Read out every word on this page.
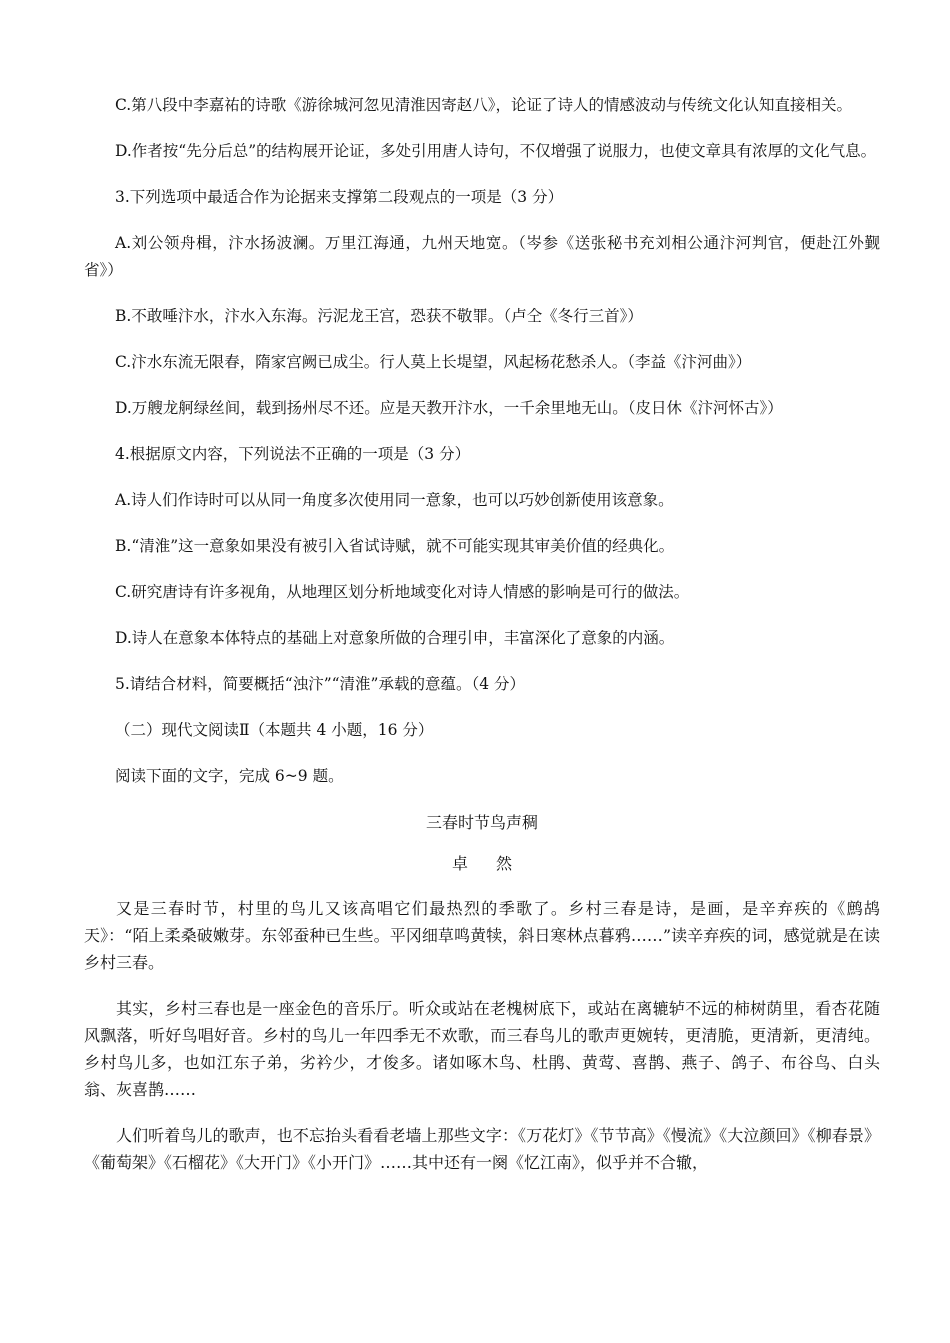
C.第八段中李嘉祐的诗歌《游徐城河忽见清淮因寄赵八》，论证了诗人的情感波动与传统文化认知直接相关。

D.作者按“先分后总”的结构展开论证，多处引用唐人诗句，不仅增强了说服力，也使文章具有浓厚的文化气息。

3.下列选项中最适合作为论据来支撑第二段观点的一项是（3 分）

A.刘公领舟楫，汴水扬波澜。万里江海通，九州天地宽。（岑参《送张秘书充刘相公通汴河判官，便赴江外觐省》）

B.不敢唾汴水，汴水入东海。污泥龙王宫，恐获不敬罪。（卢仝《冬行三首》）

C.汴水东流无限春，隋家宫阙已成尘。行人莫上长堤望，风起杨花愁杀人。（李益《汴河曲》）

D.万艘龙舸绿丝间，载到扬州尽不还。应是天教开汴水，一千余里地无山。（皮日休《汴河怀古》）

4.根据原文内容，下列说法不正确的一项是（3 分）

A.诗人们作诗时可以从同一角度多次使用同一意象，也可以巧妙创新使用该意象。

B.“清淮”这一意象如果没有被引入省试诗赋，就不可能实现其审美价值的经典化。

C.研究唐诗有许多视角，从地理区划分析地域变化对诗人情感的影响是可行的做法。

D.诗人在意象本体特点的基础上对意象所做的合理引申，丰富深化了意象的内涵。

5.请结合材料，简要概括“浊汴”“清淮”承载的意蕴。（4 分）

（二）现代文阅读Ⅱ（本题共 4 小题，16 分）

阅读下面的文字，完成 6~9 题。

三春时节鸟声稠
卓然

又是三春时节，村里的鸟儿又该高唱它们最热烈的季歌了。乡村三春是诗，是画，是辛弃疾的《鹧鸪天》：“陌上柔桑破嫩芽。东邻蚕种已生些。平冈细草鸣黄犊，斜日寒林点暮鸦……”读辛弃疾的词，感觉就是在读乡村三春。

其实，乡村三春也是一座金色的音乐厅。听众或站在老槐树底下，或站在离辘轳不远的柿树荫里，看杏花随风飘落，听好鸟唱好音。乡村的鸟儿一年四季无不欢歌，而三春鸟儿的歌声更婉转，更清脆，更清新，更清纯。乡村鸟儿多，也如江东子弟，劣衿少，才俊多。诸如啄木鸟、杜鹃、黄莺、喜鹊、燕子、鸽子、布谷鸟、白头翁、灰喜鹊……

人们听着鸟儿的歌声，也不忘抬头看看老墙上那些文字：《万花灯》《节节高》《慢流》《大泣颜回》《柳春景》《葡萄架》《石榴花》《大开门》《小开门》……其中还有一阕《忆江南》，似乎并不合辙，
